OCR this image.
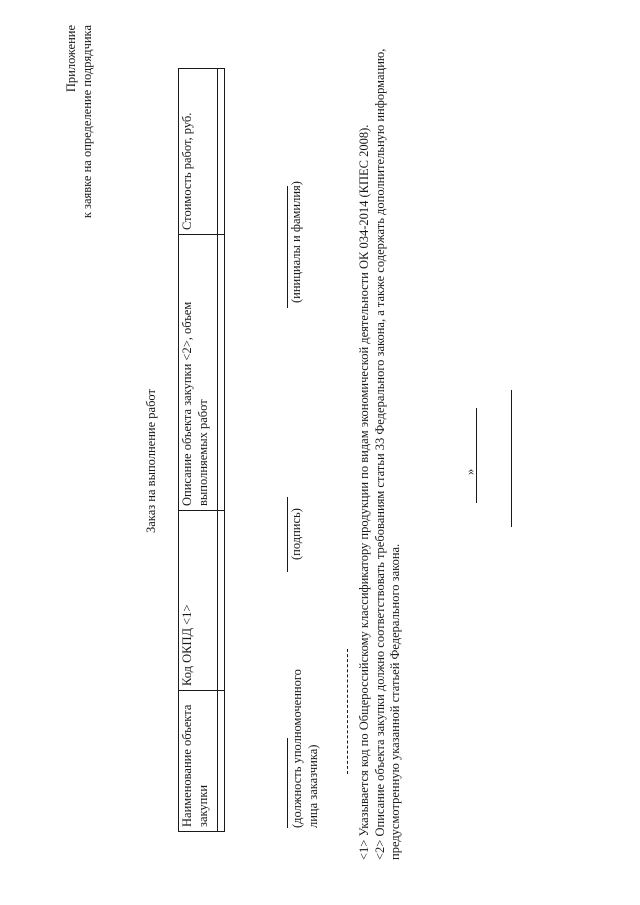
Приложение к заявке на определение подрядчика
Заказ на выполнение работ
Наименование объекта закупки	Код ОКПД <1>	Описание объекта закупки <2>, объем выполняемых работ	Стоимость работ, руб.

(должность уполномоченного лица заказчика)
(подпись)
(инициалы и фамилия)	<1> Указывается код по Общероссийскому классификатору продукции по видам экономической деятельности ОК 034-2014 (КПЕС 2008). <2> Описание объекта закупки должно соответствовать требованиям статьи 33 Федерального закона, а также содержать дополнительную информацию, предусмотренную указанной статьей Федерального закона.
»
